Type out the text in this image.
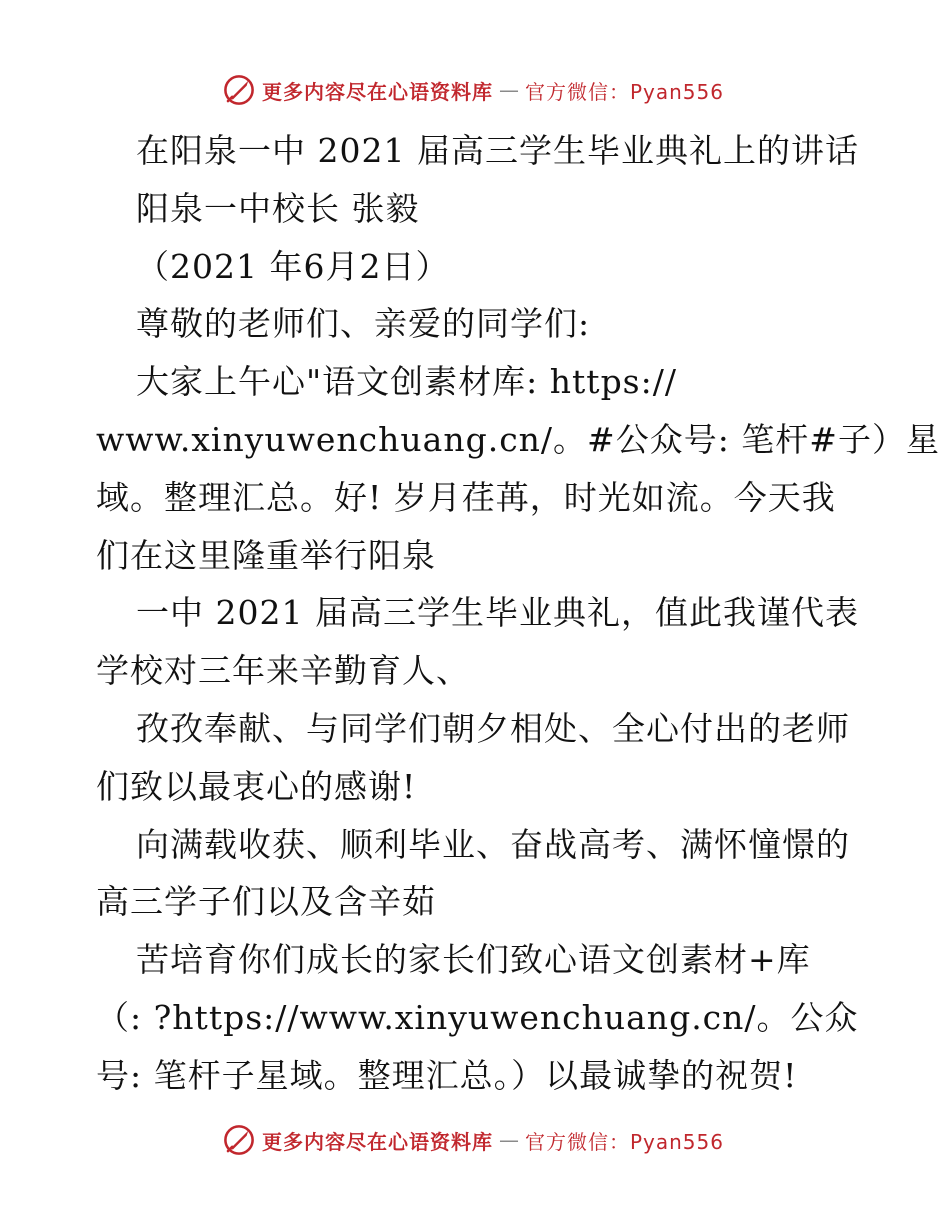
更多内容尽在心语资料库 — 官方微信：Pyan556
在阳泉一中 2021 届高三学生毕业典礼上的讲话
阳泉一中校长 张毅
（2021 年6月2日）
尊敬的老师们、亲爱的同学们:
大家上午心"语文创素材库: https://
www.xinyuwenchuang.cn/。#公众号: 笔杆#子）星
域。整理汇总。好! 岁月荏苒，时光如流。今天我
们在这里隆重举行阳泉
一中 2021 届高三学生毕业典礼，值此我谨代表
学校对三年来辛勤育人、
孜孜奉献、与同学们朝夕相处、全心付出的老师
们致以最衷心的感谢!
向满载收获、顺利毕业、奋战高考、满怀憧憬的
高三学子们以及含辛茹
苦培育你们成长的家长们致心语文创素材+库
（: ?https://www.xinyuwenchuang.cn/。公众
号: 笔杆子星域。整理汇总。）以最诚挚的祝贺!
更多内容尽在心语资料库 — 官方微信：Pyan556
